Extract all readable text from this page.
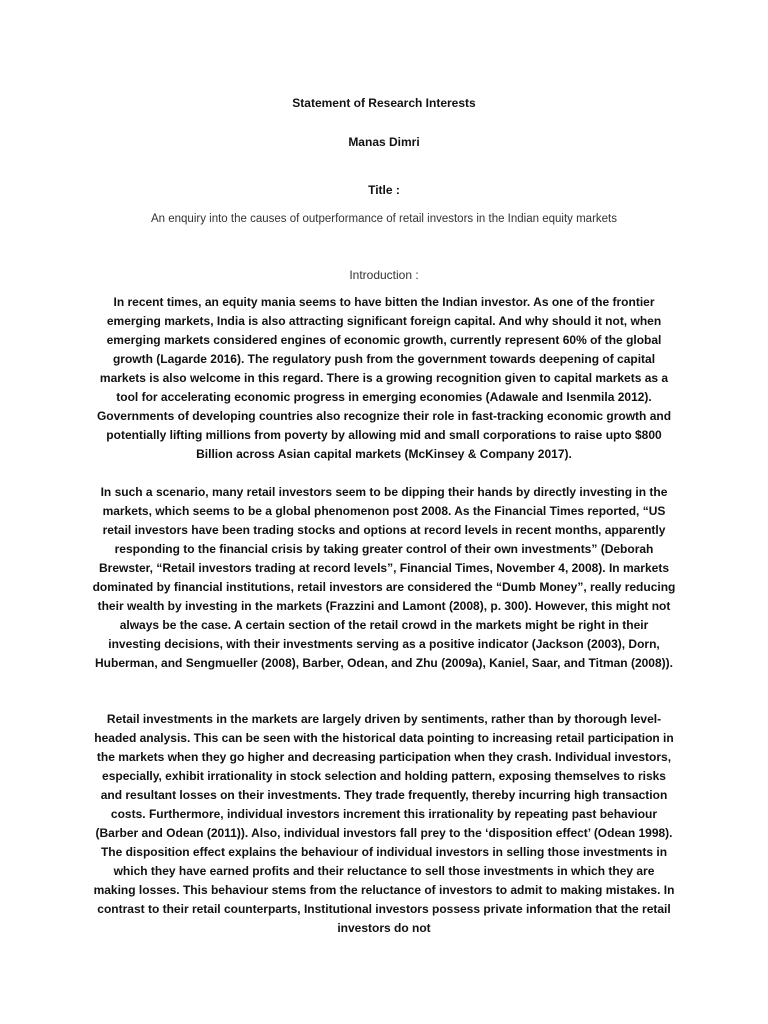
Statement of Research Interests
Manas Dimri
Title :
An enquiry into the causes of outperformance of retail investors in the Indian equity markets
Introduction :

In recent times, an equity mania seems to have bitten the Indian investor. As one of the frontier emerging markets, India is also attracting significant foreign capital. And why should it not, when emerging markets considered engines of economic growth, currently represent 60% of the global growth (Lagarde 2016). The regulatory push from the government towards deepening of capital markets is also welcome in this regard. There is a growing recognition given to capital markets as a tool for accelerating economic progress in emerging economies (Adawale and Isenmila 2012). Governments of developing countries also recognize their role in fast-tracking economic growth and potentially lifting millions from poverty by allowing mid and small corporations to raise upto $800 Billion across Asian capital markets (McKinsey & Company 2017).

In such a scenario, many retail investors seem to be dipping their hands by directly investing in the markets, which seems to be a global phenomenon post 2008. As the Financial Times reported, “US retail investors have been trading stocks and options at record levels in recent months, apparently responding to the financial crisis by taking greater control of their own investments” (Deborah Brewster, “Retail investors trading at record levels”, Financial Times, November 4, 2008). In markets dominated by financial institutions, retail investors are considered the “Dumb Money”, really reducing their wealth by investing in the markets (Frazzini and Lamont (2008), p. 300). However, this might not always be the case. A certain section of the retail crowd in the markets might be right in their investing decisions, with their investments serving as a positive indicator (Jackson (2003), Dorn, Huberman, and Sengmueller (2008), Barber, Odean, and Zhu (2009a), Kaniel, Saar, and Titman (2008)).

Retail investments in the markets are largely driven by sentiments, rather than by thorough level-headed analysis. This can be seen with the historical data pointing to increasing retail participation in the markets when they go higher and decreasing participation when they crash. Individual investors, especially, exhibit irrationality in stock selection and holding pattern, exposing themselves to risks and resultant losses on their investments. They trade frequently, thereby incurring high transaction costs. Furthermore, individual investors increment this irrationality by repeating past behaviour (Barber and Odean (2011)). Also, individual investors fall prey to the ‘disposition effect’ (Odean 1998). The disposition effect explains the behaviour of individual investors in selling those investments in which they have earned profits and their reluctance to sell those investments in which they are making losses. This behaviour stems from the reluctance of investors to admit to making mistakes. In contrast to their retail counterparts, Institutional investors possess private information that the retail investors do not
